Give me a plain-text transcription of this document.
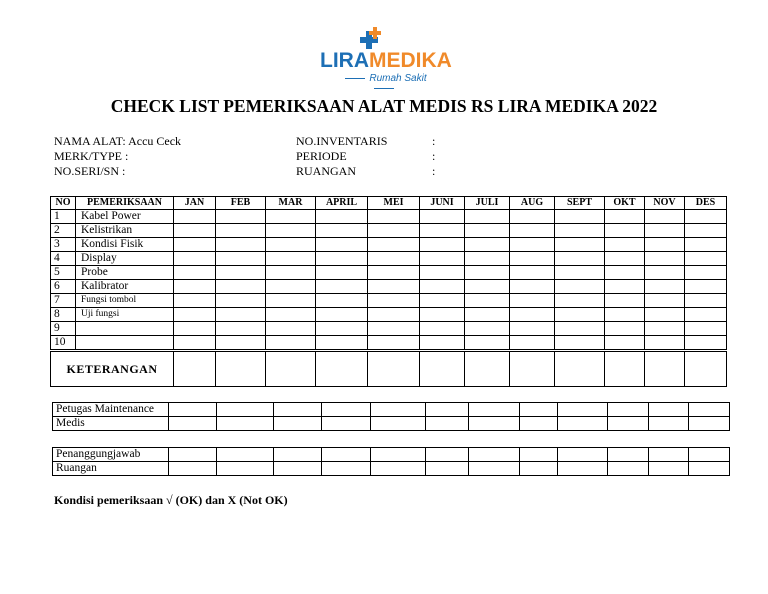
LIRAMEDIKA
Rumah Sakit
CHECK LIST PEMERIKSAAN ALAT MEDIS RS LIRA MEDIKA 2022
NAMA ALAT: Accu Ceck
MERK/TYPE :
NO.SERI/SN :
NO.INVENTARIS
PERIODE
RUANGAN
:
:
:
NO	PEMERIKSAAN	JAN	FEB	MAR	APRIL	MEI	JUNI	JULI	AUG	SEPT	OKT	NOV	DES
1	Kabel Power												
2	Kelistrikan												
3	Kondisi Fisik												
4	Display												
5	Probe												
6	Kalibrator												
7	Fungsi tombol												
8	Uji fungsi												
9													
10													
KETERANGAN													
Petugas Maintenance												
Medis												
Penanggungjawab												
Ruangan												
Kondisi pemeriksaan √ (OK) dan X (Not OK)
